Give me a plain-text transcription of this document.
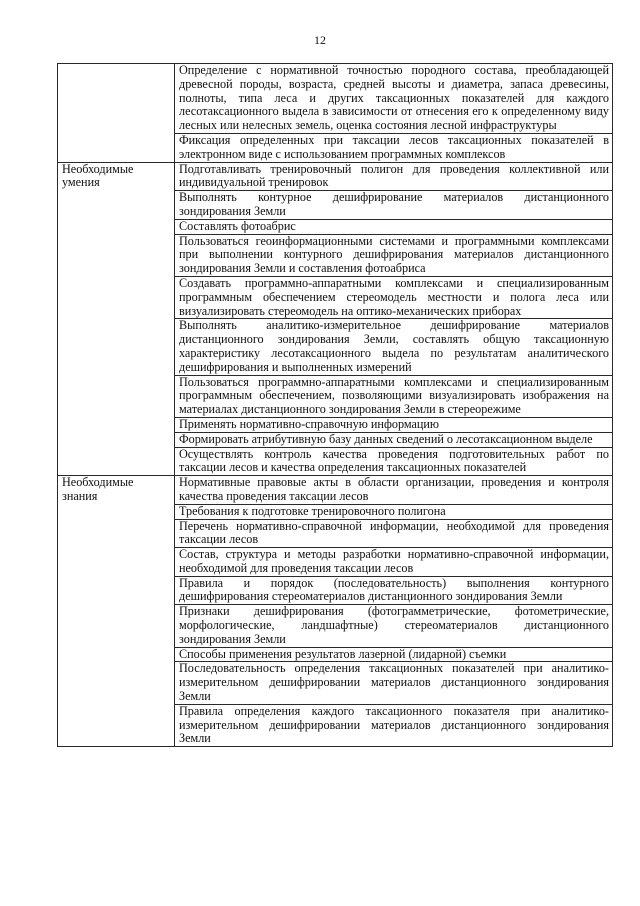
12
	Определение с нормативной точностью породного состава, преобладающей древесной породы, возраста, средней высоты и диаметра, запаса древесины, полноты, типа леса и других таксационных показателей для каждого лесотаксационного выдела в зависимости от отнесения его к определенному виду лесных или нелесных земель, оценка состояния лесной инфраструктуры
	Фиксация определенных при таксации лесов таксационных показателей в электронном виде с использованием программных комплексов
Необходимые умения	Подготавливать тренировочный полигон для проведения коллективной или индивидуальной тренировок
	Выполнять контурное дешифрирование материалов дистанционного зондирования Земли
	Составлять фотоабрис
	Пользоваться геоинформационными системами и программными комплексами при выполнении контурного дешифрирования материалов дистанционного зондирования Земли и составления фотоабриса
	Создавать программно-аппаратными комплексами и специализированным программным обеспечением стереомодель местности и полога леса или визуализировать стереомодель на оптико-механических приборах
	Выполнять аналитико-измерительное дешифрирование материалов дистанционного зондирования Земли, составлять общую таксационную характеристику лесотаксационного выдела по результатам аналитического дешифрирования и выполненных измерений
	Пользоваться программно-аппаратными комплексами и специализированным программным обеспечением, позволяющими визуализировать изображения на материалах дистанционного зондирования Земли в стереорежиме
	Применять нормативно-справочную информацию
	Формировать атрибутивную базу данных сведений о лесотаксационном выделе
	Осуществлять контроль качества проведения подготовительных работ по таксации лесов и качества определения таксационных показателей
Необходимые знания	Нормативные правовые акты в области организации, проведения и контроля качества проведения таксации лесов
	Требования к подготовке тренировочного полигона
	Перечень нормативно-справочной информации, необходимой для проведения таксации лесов
	Состав, структура и методы разработки нормативно-справочной информации, необходимой для проведения таксации лесов
	Правила и порядок (последовательность) выполнения контурного дешифрирования стереоматериалов дистанционного зондирования Земли
	Признаки дешифрирования (фотограмметрические, фотометрические, морфологические, ландшафтные) стереоматериалов дистанционного зондирования Земли
	Способы применения результатов лазерной (лидарной) съемки
	Последовательность определения таксационных показателей при аналитико-измерительном дешифрировании материалов дистанционного зондирования Земли
	Правила определения каждого таксационного показателя при аналитико-измерительном дешифрировании материалов дистанционного зондирования Земли
